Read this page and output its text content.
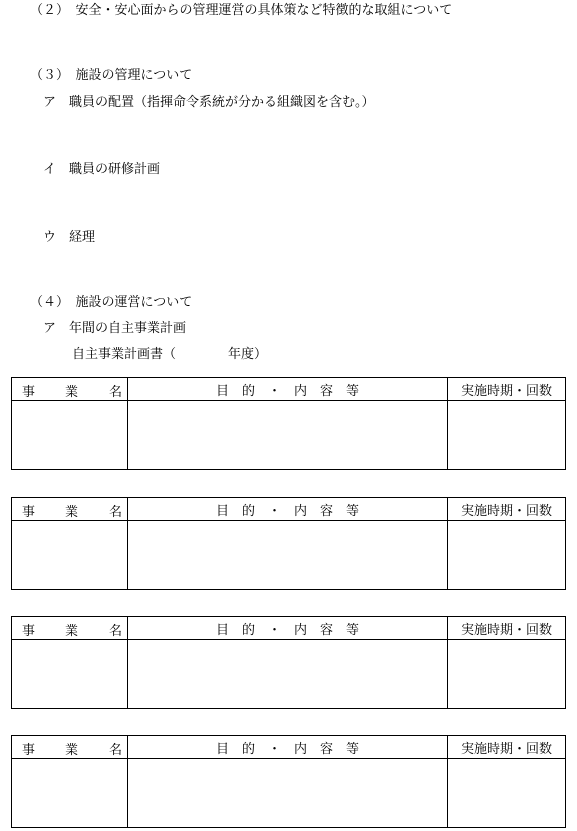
（２）　安全・安心面からの管理運営の具体策など特徴的な取組について
（３）　施設の管理について
ア　職員の配置（指揮命令系統が分かる組織図を含む。）
イ　職員の研修計画
ウ　経理
（４）　施設の運営について
ア　年間の自主事業計画
自主事業計画書（　　　　年度）
事 業 名	目　的　・　内　容　等	実施時期・回数

事 業 名	目　的　・　内　容　等	実施時期・回数

事 業 名	目　的　・　内　容　等	実施時期・回数

事 業 名	目　的　・　内　容　等	実施時期・回数
